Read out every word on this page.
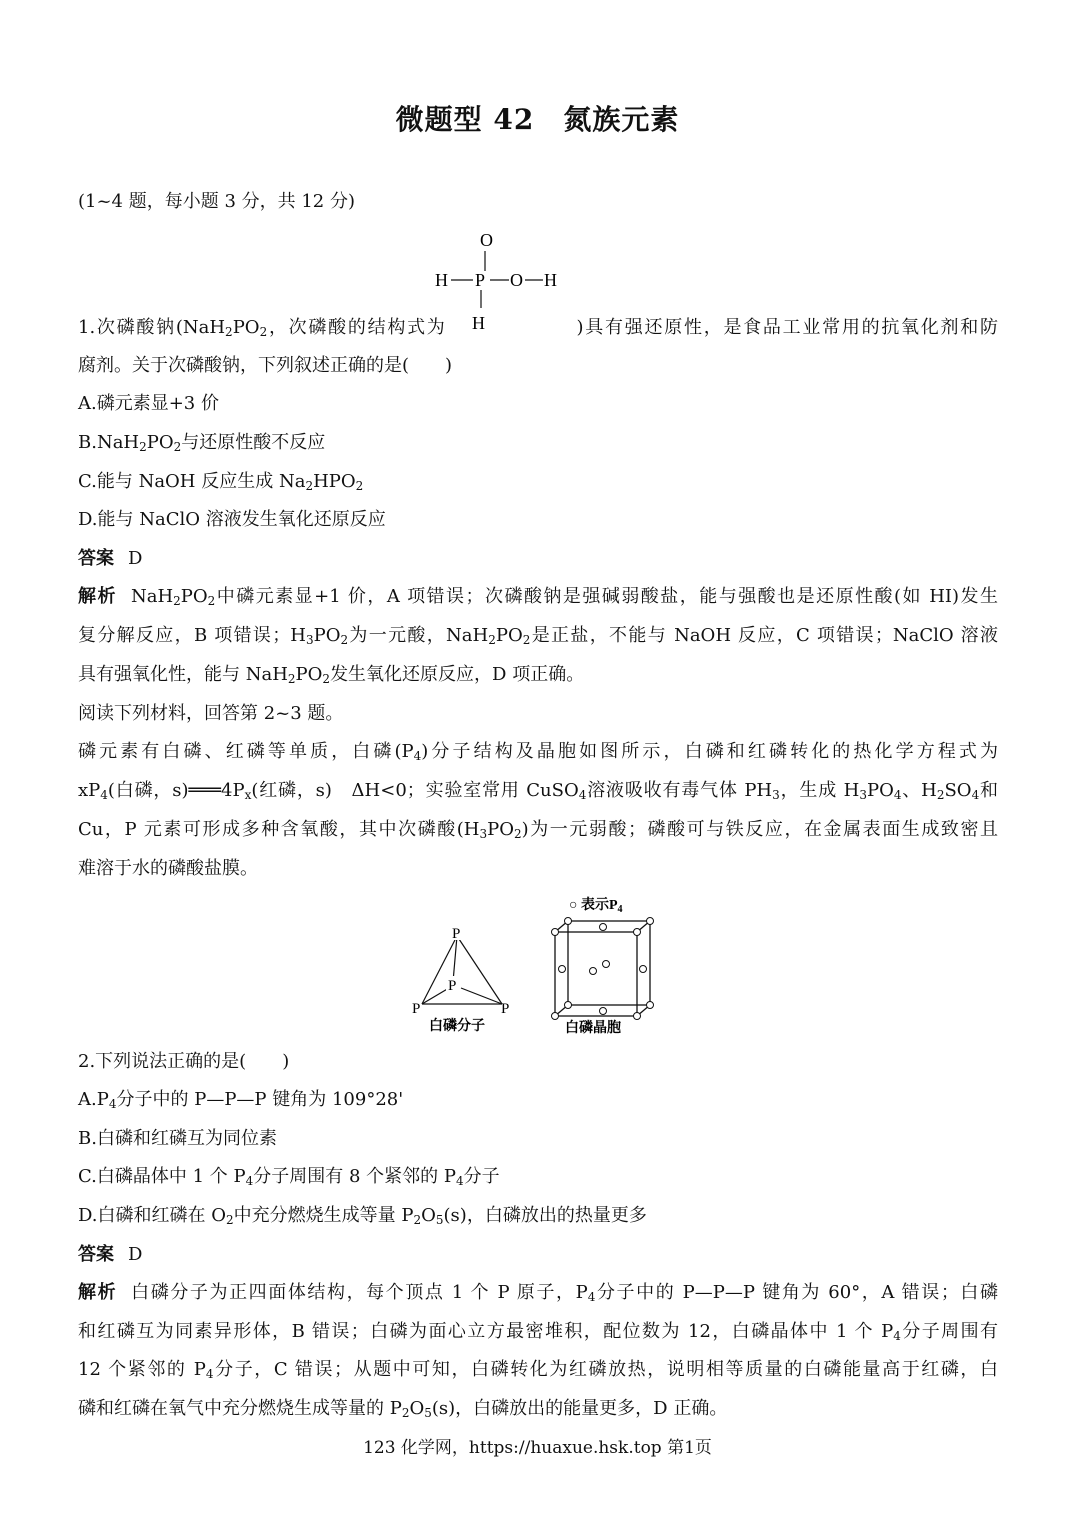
微题型 42　氮族元素
(1~4 题，每小题 3 分，共 12 分)
O
H P O H
H
1.次磷酸钠($NaH_2PO_2$，次磷酸的结构式为	)具有强还原性，是食品工业常用的抗氧化剂和防
腐剂。关于次磷酸钠，下列叙述正确的是(　　)
A.磷元素显+3 价
$B.NaH_2PO_2$与还原性酸不反应
C.能与 NaOH 反应生成 $Na_2HPO_2$
D.能与 NaClO 溶液发生氧化还原反应
答案 D
解析 $NaH_2PO_2$中磷元素显+1 价，A 项错误；次磷酸钠是强碱弱酸盐，能与强酸也是还原性酸(如 HI)发生
复分解反应，B 项错误；$H_3PO_2$为一元酸，$NaH_2PO_2$是正盐，不能与 NaOH 反应，C 项错误；NaClO 溶液
具有强氧化性，能与 $NaH_2PO_2$发生氧化还原反应，D 项正确。
阅读下列材料，回答第 2~3 题。
磷元素有白磷、红磷等单质，白磷$(P_4)$分子结构及晶胞如图所示，白磷和红磷转化的热化学方程式为
$xP_4$(白磷，$s)═══4P_x$(红磷，s)　ΔH<0；实验室常用 CuSO$_4$溶液吸收有毒气体 $PH_3$，生成 $H_3PO_4$、$H_2SO_4$和
Cu，P 元素可形成多种含氧酸，其中次磷酸$(H_3PO_2)$为一元弱酸；磷酸可与铁反应，在金属表面生成致密且
难溶于水的磷酸盐膜。
P
P
P	P
白磷分子
○ 表示$P_4$
白磷晶胞
2.下列说法正确的是(　　)
$A.P_4$分子中的 P—P—P 键角为 109°28'
B.白磷和红磷互为同位素
C.白磷晶体中 1 个 $P_4$分子周围有 8 个紧邻的 $P_4$分子
D.白磷和红磷在 $O_2$中充分燃烧生成等量 $P_2O_5(s)$，白磷放出的热量更多
答案 D
解析 白磷分子为正四面体结构，每个顶点 1 个 P 原子，$P_4$分子中的 P—P—P 键角为 60°，A 错误；白磷
和红磷互为同素异形体，B 错误；白磷为面心立方最密堆积，配位数为 12，白磷晶体中 1 个 $P_4$分子周围有
12 个紧邻的 $P_4$分子，C 错误；从题中可知，白磷转化为红磷放热，说明相等质量的白磷能量高于红磷，白
磷和红磷在氧气中充分燃烧生成等量的 $P_2O_5(s)$，白磷放出的能量更多，D 正确。
123 化学网，https://huaxue.hsk.top 第1页
